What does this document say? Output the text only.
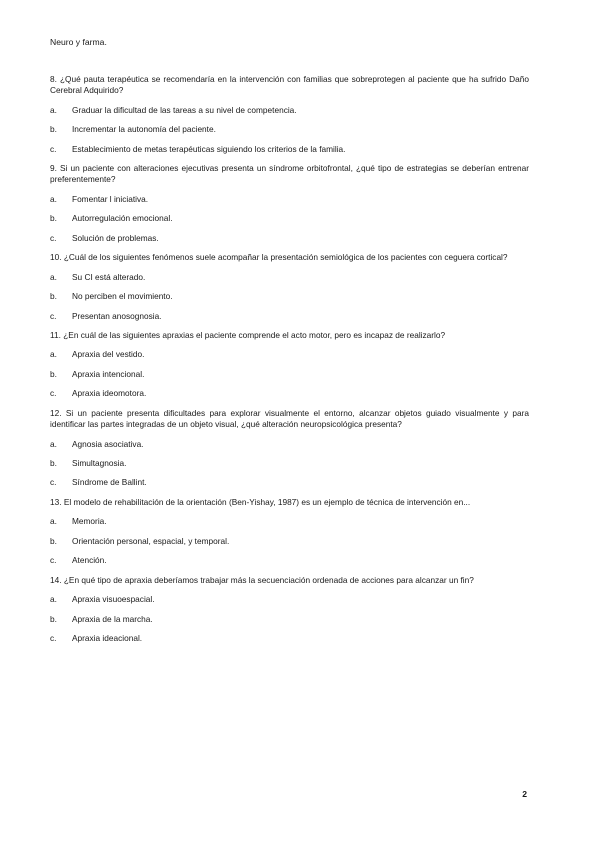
Neuro y farma.

8. ¿Qué pauta terapéutica se recomendaría en la intervención con familias que sobreprotegen al paciente que ha sufrido Daño Cerebral Adquirido?

a.	Graduar la dificultad de las tareas a su nivel de competencia.
b.	Incrementar la autonomía del paciente.
c.	Establecimiento de metas terapéuticas siguiendo los criterios de la familia.

9. Si un paciente con alteraciones ejecutivas presenta un síndrome orbitofrontal, ¿qué tipo de estrategias se deberían entrenar preferentemente?

a.	Fomentar l iniciativa.
b.	Autorregulación emocional.
c.	Solución de problemas.

10. ¿Cuál de los siguientes fenómenos suele acompañar la presentación semiológica de los pacientes con ceguera cortical?

a.	Su CI está alterado.
b.	No perciben el movimiento.
c.	Presentan anosognosia.

11. ¿En cuál de las siguientes apraxias el paciente comprende el acto motor, pero es incapaz de realizarlo?

a.	Apraxia del vestido.
b.	Apraxia intencional.
c.	Apraxia ideomotora.

12. Si un paciente presenta dificultades para explorar visualmente el entorno, alcanzar objetos guiado visualmente y para identificar las partes integradas de un objeto visual, ¿qué alteración neuropsicológica presenta?

a.	Agnosia asociativa.
b.	Simultagnosia.
c.	Síndrome de Ballint.

13. El modelo de rehabilitación de la orientación (Ben-Yishay, 1987) es un ejemplo de técnica de intervención en...

a.	Memoria.
b.	Orientación personal, espacial, y temporal.
c.	Atención.

14. ¿En qué tipo de apraxia deberíamos trabajar más la secuenciación ordenada de acciones para alcanzar un fin?

a.	Apraxia visuoespacial.
b.	Apraxia de la marcha.
c.	Apraxia ideacional.
2
